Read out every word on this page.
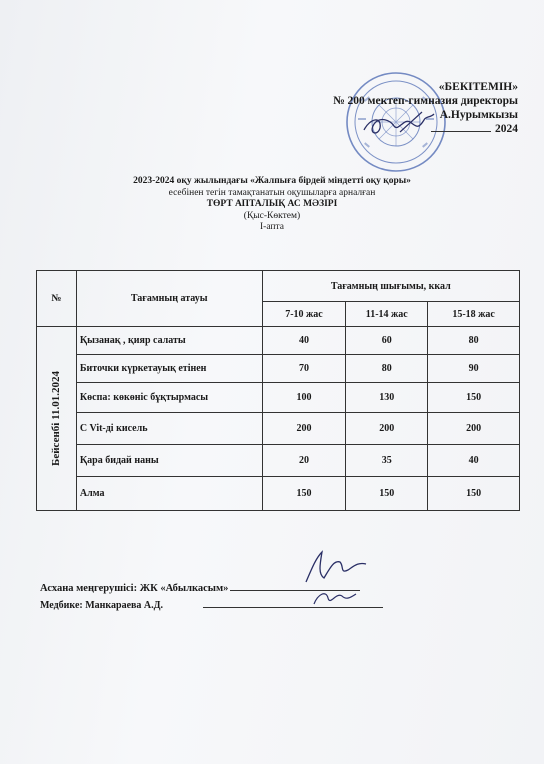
«БЕКІТЕМІН»
№ 200 мектеп-гимназия директоры
А.Нурымкызы
2024
2023-2024 оқу жылындағы «Жалпыға бірдей міндетті оқу қоры»
есебінен тегін тамақтанатын оқушыларға арналған
ТӨРТ АПТАЛЫҚ АС МӘЗІРІ
(Қыс-Көктем)
I-апта
№	Тағамның атауы	Тағамның шығымы, ккал		
		7-10 жас	11-14 жас	15-18 жас

Бейсенбі 11.01.2024	Қызанақ , қияр салаты	40	60	80
	Биточки күркетауық етінен	70	80	90
	Көспа: көкөніс бұқтырмасы	100	130	150
	C Vit-ді кисель	200	200	200
	Қара бидай наны	20	35	40
	Алма	150	150	150
Асхана меңгерушісі: ЖК «Абылкасым»
Медбике: Манкараева А.Д.
